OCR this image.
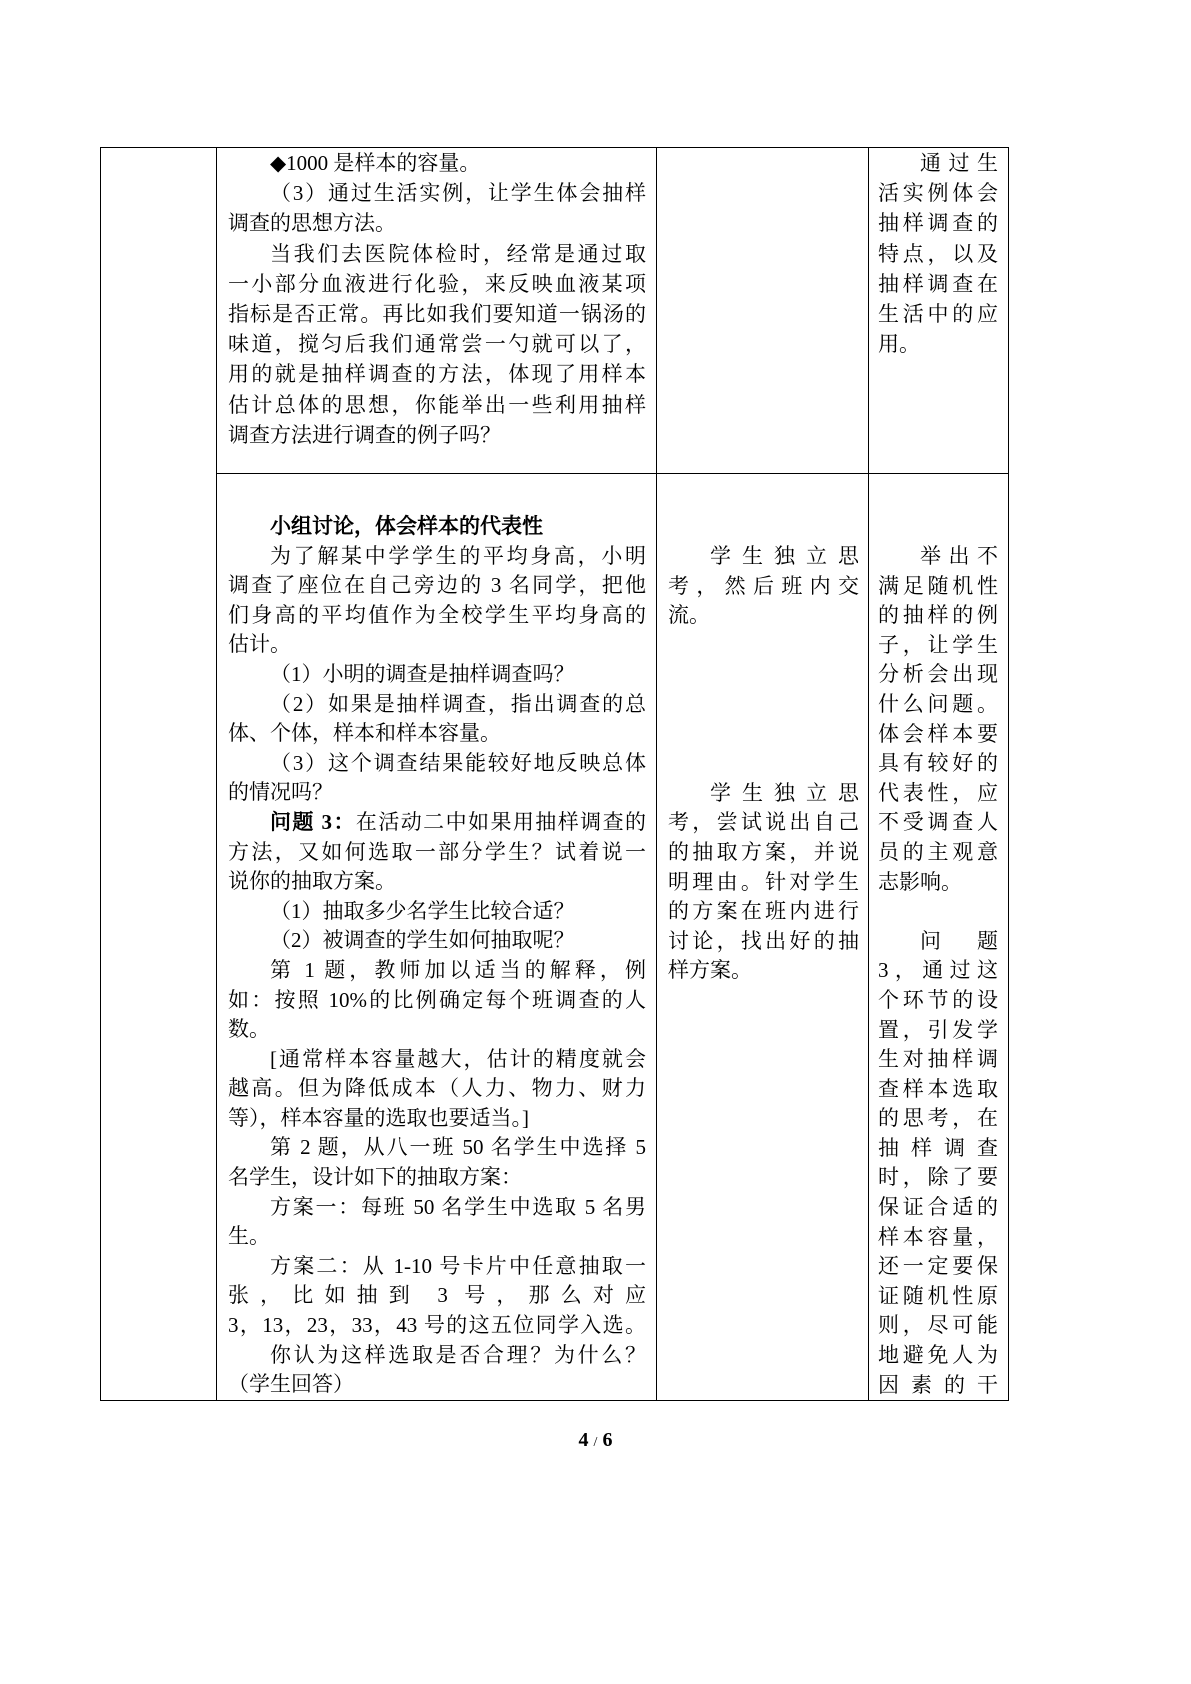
◆1000 是样本的容量。
（3）通过生活实例，让学生体会抽样
调查的思想方法。
当我们去医院体检时，经常是通过取
一小部分血液进行化验，来反映血液某项
指标是否正常。再比如我们要知道一锅汤的
味道，搅匀后我们通常尝一勺就可以了，
用的就是抽样调查的方法，体现了用样本
估计总体的思想，你能举出一些利用抽样
调查方法进行调查的例子吗？
通过生
活实例体会
抽样调查的
特点，以及
抽样调查在
生活中的应
用。
小组讨论，体会样本的代表性
为了解某中学学生的平均身高，小明
调查了座位在自己旁边的 3 名同学，把他
们身高的平均值作为全校学生平均身高的
估计。
（1）小明的调查是抽样调查吗？
（2）如果是抽样调查，指出调查的总
体、个体，样本和样本容量。
（3）这个调查结果能较好地反映总体
的情况吗？
问题 3：在活动二中如果用抽样调查的
方法，又如何选取一部分学生？试着说一
说你的抽取方案。
（1）抽取多少名学生比较合适？
（2）被调查的学生如何抽取呢？
第 1 题，教师加以适当的解释，例
如：按照 10%的比例确定每个班调查的人
数。
[通常样本容量越大，估计的精度就会
越高。但为降低成本（人力、物力、财力
等），样本容量的选取也要适当。]
第 2 题，从八一班 50 名学生中选择 5
名学生，设计如下的抽取方案：
方案一：每班 50 名学生中选取 5 名男
生。
方案二：从 1-10 号卡片中任意抽取一
张，比如抽到 3 号，那么对应
3，13，23，33，43 号的这五位同学入选。
你认为这样选取是否合理？为什么？
（学生回答）
学生独立思
考，然后班内交
流。
学生独立思
考，尝试说出自己
的抽取方案，并说
明理由。针对学生
的方案在班内进行
讨论，找出好的抽
样方案。
举出不
满足随机性
的抽样的例
子，让学生
分析会出现
什么问题。
体会样本要
具有较好的
代表性，应
不受调查人
员的主观意
志影响。
问题
3，通过这
个环节的设
置，引发学
生对抽样调
查样本选取
的思考，在
抽样调查
时，除了要
保证合适的
样本容量，
还一定要保
证随机性原
则，尽可能
地避免人为
因素的干
4 / 6
